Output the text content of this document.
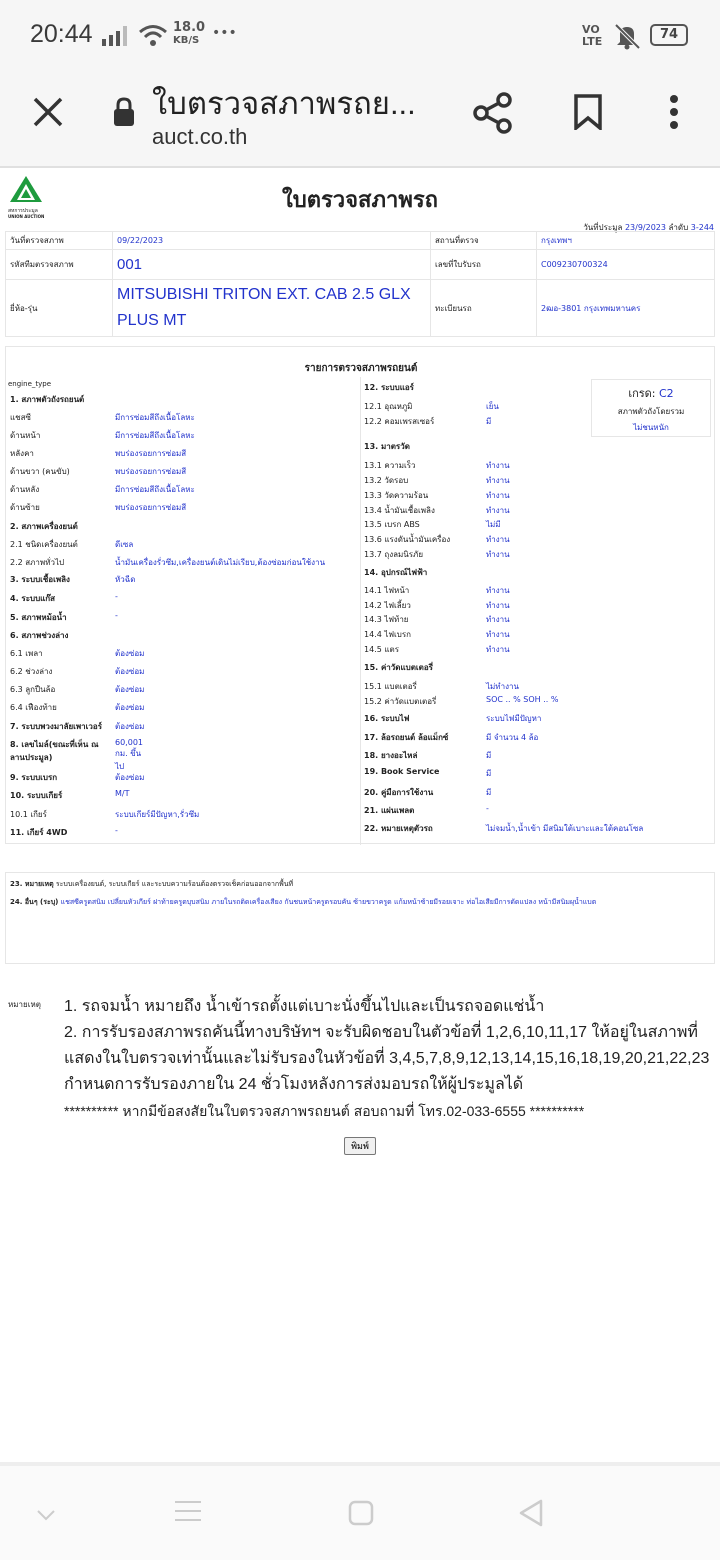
20:44	18.0
KB/S •••	VO
LTE	74
ใบตรวจสภาพรถย...
auct.co.th
สหการประมูล
UNION AUCTION
ใบตรวจสภาพรถ
วันที่ประมูล 23/9/2023 ลำดับ 3-244
วันที่ตรวจสภาพ	09/22/2023	สถานที่ตรวจ	กรุงเทพฯ
รหัสทีมตรวจสภาพ	001	เลขที่ใบรับรถ	C009230700324
ยี่ห้อ-รุ่น	MITSUBISHI TRITON EXT. CAB 2.5 GLX PLUS MT	ทะเบียนรถ	2ฒอ-3801 กรุงเทพมหานคร
รายการตรวจสภาพรถยนต์
engine_type
1. สภาพตัวถังรถยนต์
แชสซี	มีการซ่อมสีถึงเนื้อโลหะ
ด้านหน้า	มีการซ่อมสีถึงเนื้อโลหะ
หลังคา	พบร่องรอยการซ่อมสี
ด้านขวา (คนขับ)	พบร่องรอยการซ่อมสี
ด้านหลัง	มีการซ่อมสีถึงเนื้อโลหะ
ด้านซ้าย	พบร่องรอยการซ่อมสี
2. สภาพเครื่องยนต์
2.1 ชนิดเครื่องยนต์	ดีเซล
2.2 สภาพทั่วไป	น้ำมันเครื่องรั่วซึม,เครื่องยนต์เดินไม่เรียบ,ต้องซ่อมก่อนใช้งาน
3. ระบบเชื้อเพลิง	หัวฉีด
4. ระบบแก๊ส	-
5. สภาพหม้อน้ำ	-
6. สภาพช่วงล่าง
6.1 เพลา	ต้องซ่อม
6.2 ช่วงล่าง	ต้องซ่อม
6.3 ลูกปืนล้อ	ต้องซ่อม
6.4 เฟืองท้าย	ต้องซ่อม
7. ระบบพวงมาลัยเพาเวอร์ ต้องซ่อม
8. เลขไมล์(ขณะที่เห็น ณ ลานประมูล)
60,001 กม. ขึ้นไป
9. ระบบเบรก	ต้องซ่อม
10. ระบบเกียร์	M/T
10.1 เกียร์	ระบบเกียร์มีปัญหา,รั่วซึม
11. เกียร์ 4WD	-
12. ระบบแอร์
12.1 อุณหภูมิ	เย็น
12.2 คอมเพรสเซอร์	มี
13. มาตรวัด
13.1 ความเร็ว	ทำงาน
13.2 วัดรอบ	ทำงาน
13.3 วัดความร้อน	ทำงาน
13.4 น้ำมันเชื้อเพลิง	ทำงาน
13.5 เบรก ABS	ไม่มี
13.6 แรงดันน้ำมันเครื่อง	ทำงาน
13.7 ถุงลมนิรภัย	ทำงาน
14. อุปกรณ์ไฟฟ้า
14.1 ไฟหน้า	ทำงาน
14.2 ไฟเลี้ยว	ทำงาน
14.3 ไฟท้าย	ทำงาน
14.4 ไฟเบรก	ทำงาน
14.5 แตร	ทำงาน
15. ค่าวัดแบตเตอรี่
15.1 แบตเตอรี่	ไม่ทำงาน
15.2 ค่าวัดแบตเตอรี่	SOC .. % SOH .. %
16. ระบบไฟ	ระบบไฟมีปัญหา
17. ล้อรถยนต์ ล้อแม็กซ์	มี จำนวน 4 ล้อ
18. ยางอะไหล่	มี
19. Book Service	มี
20. คู่มือการใช้งาน	มี
21. แผ่นเพลต	-
22. หมายเหตุตัวรถ	ไม่จมน้ำ,น้ำเข้า มีสนิมใต้เบาะและใต้คอนโซล
เกรด: C2
สภาพตัวถังโดยรวม
ไม่ชนหนัก
23. หมายเหตุ ระบบเครื่องยนต์, ระบบเกียร์ และระบบความร้อนต้องตรวจเช็คก่อนออกจากพื้นที่
24. อื่นๆ (ระบุ) แชสซีครูดสนิม เปลี่ยนหัวเกียร์ ฝาท้ายครูดบุบสนิม ภายในรถติดเครื่องเสียง กันชนหน้าครูดรอบคัน ซ้ายขวาครูด แก้มหน้าซ้ายมีรอยเจาะ ท่อไอเสียมีการดัดแปลง หน้ามีสนิมผุน้ำแบต
หมายเหตุ 1. รถจมน้ำ หมายถึง น้ำเข้ารถตั้งแต่เบาะนั่งขึ้นไปและเป็นรถจอดแช่น้ำ
2. การรับรองสภาพรถคันนี้ทางบริษัทฯ จะรับผิดชอบในตัวข้อที่ 1,2,6,10,11,17 ให้อยู่ในสภาพที่แสดงในใบตรวจเท่านั้นและไม่รับรองในหัวข้อที่ 3,4,5,7,8,9,12,13,14,15,16,18,19,20,21,22,23 กำหนดการรับรองภายใน 24 ชั่วโมงหลังการส่งมอบรถให้ผู้ประมูลได้
********** หากมีข้อสงสัยในใบตรวจสภาพรถยนต์ สอบถามที่ โทร.02-033-6555 **********
พิมพ์
